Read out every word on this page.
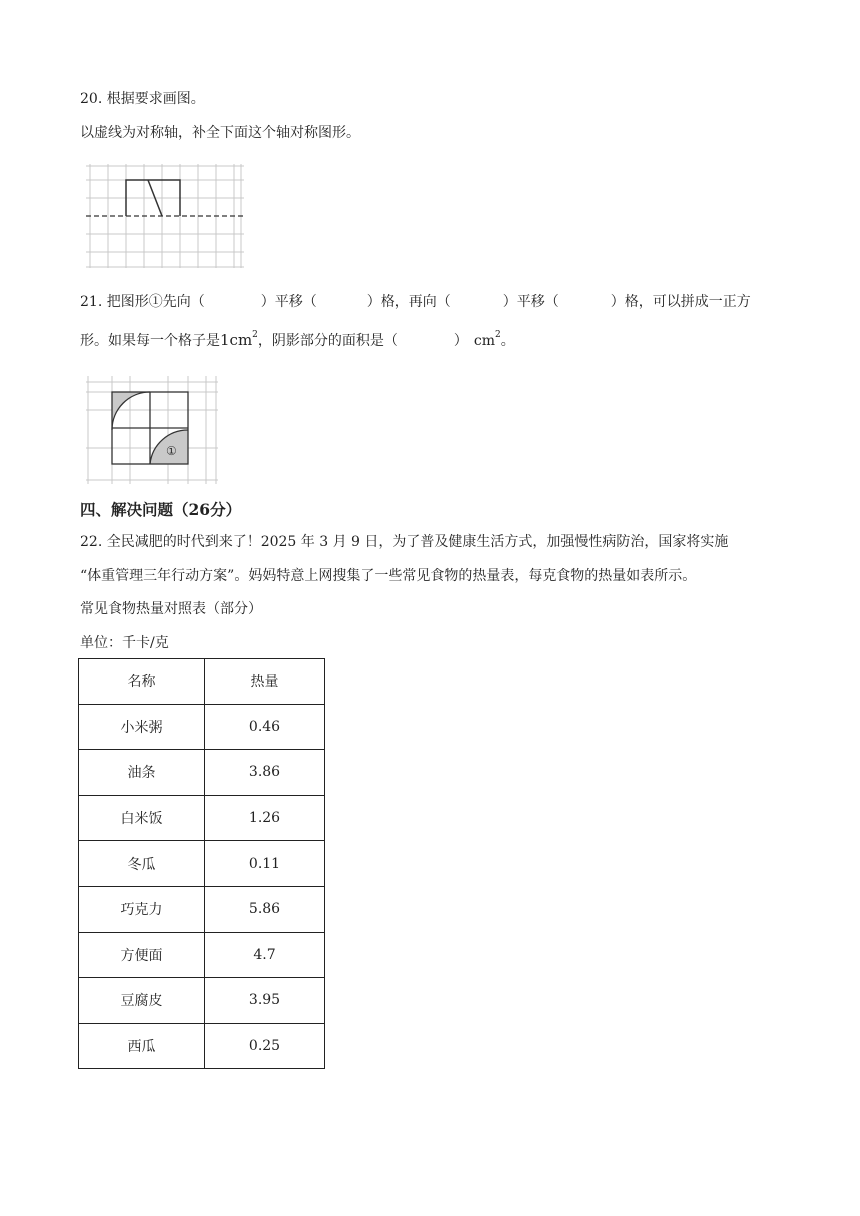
20. 根据要求画图。
以虚线为对称轴，补全下面这个轴对称图形。
21. 把图形①先向（	）平移（	）格，再向（	）平移（	）格，可以拼成一正方
形。如果每一个格子是1cm2，阴影部分的面积是（	） cm2。
①
四、解决问题（26分）
22. 全民减肥的时代到来了！2025 年 3 月 9 日，为了普及健康生活方式，加强慢性病防治，国家将实施
“体重管理三年行动方案”。妈妈特意上网搜集了一些常见食物的热量表，每克食物的热量如表所示。
常见食物热量对照表（部分）
单位：千卡/克
名称	热量
小米粥	0.46
油条	3.86
白米饭	1.26
冬瓜	0.11
巧克力	5.86
方便面	4.7
豆腐皮	3.95
西瓜	0.25
